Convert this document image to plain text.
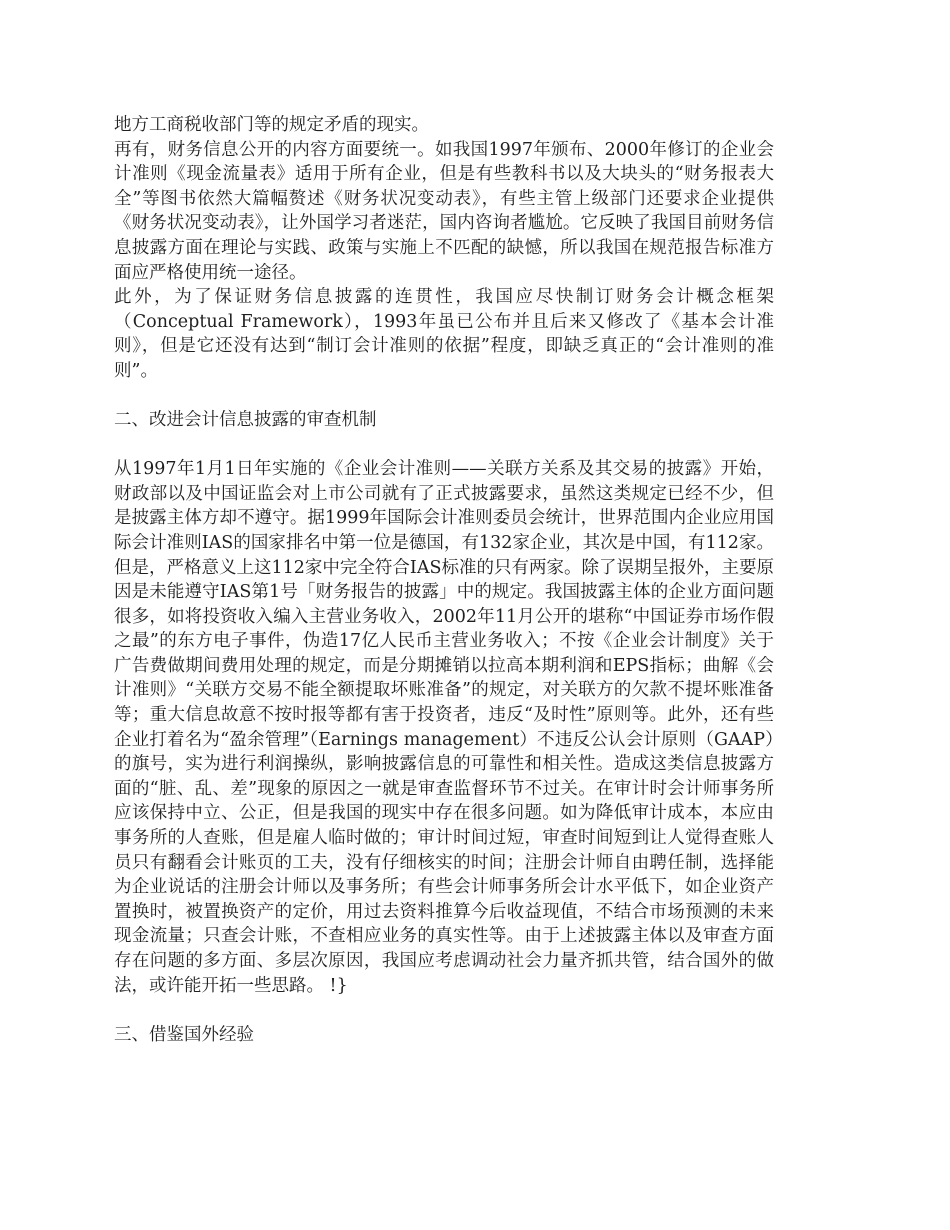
地方工商税收部门等的规定矛盾的现实。

再有，财务信息公开的内容方面要统一。如我国1997年颁布、2000年修订的企业会计准则《现金流量表》适用于所有企业，但是有些教科书以及大块头的“财务报表大全”等图书依然大篇幅赘述《财务状况变动表》，有些主管上级部门还要求企业提供《财务状况变动表》，让外国学习者迷茫，国内咨询者尴尬。它反映了我国目前财务信息披露方面在理论与实践、政策与实施上不匹配的缺憾，所以我国在规范报告标准方面应严格使用统一途径。

此外，为了保证财务信息披露的连贯性，我国应尽快制订财务会计概念框架（Conceptual Framework），1993年虽已公布并且后来又修改了《基本会计准则》，但是它还没有达到“制订会计准则的依据”程度，即缺乏真正的“会计准则的准则”。

二、改进会计信息披露的审查机制

从1997年1月1日年实施的《企业会计准则——关联方关系及其交易的披露》开始，财政部以及中国证监会对上市公司就有了正式披露要求，虽然这类规定已经不少，但是披露主体方却不遵守。据1999年国际会计准则委员会统计，世界范围内企业应用国际会计准则IAS的国家排名中第一位是德国，有132家企业，其次是中国，有112家。但是，严格意义上这112家中完全符合IAS标准的只有两家。除了误期呈报外，主要原因是未能遵守IAS第1号「财务报告的披露」中的规定。我国披露主体的企业方面问题很多，如将投资收入编入主营业务收入，2002年11月公开的堪称“中国证券市场作假之最”的东方电子事件，伪造17亿人民币主营业务收入；不按《企业会计制度》关于广告费做期间费用处理的规定，而是分期摊销以拉高本期利润和EPS指标；曲解《会计准则》“关联方交易不能全额提取坏账准备”的规定，对关联方的欠款不提坏账准备等；重大信息故意不按时报等都有害于投资者，违反“及时性”原则等。此外，还有些企业打着名为“盈余管理”（Earnings management）不违反公认会计原则（GAAP）的旗号，实为进行利润操纵，影响披露信息的可靠性和相关性。造成这类信息披露方面的“脏、乱、差”现象的原因之一就是审查监督环节不过关。在审计时会计师事务所应该保持中立、公正，但是我国的现实中存在很多问题。如为降低审计成本，本应由事务所的人查账，但是雇人临时做的；审计时间过短，审查时间短到让人觉得查账人员只有翻看会计账页的工夫，没有仔细核实的时间；注册会计师自由聘任制，选择能为企业说话的注册会计师以及事务所；有些会计师事务所会计水平低下，如企业资产置换时，被置换资产的定价，用过去资料推算今后收益现值，不结合市场预测的未来现金流量；只查会计账，不查相应业务的真实性等。由于上述披露主体以及审查方面存在问题的多方面、多层次原因，我国应考虑调动社会力量齐抓共管，结合国外的做法，或许能开拓一些思路。 !}

三、借鉴国外经验
